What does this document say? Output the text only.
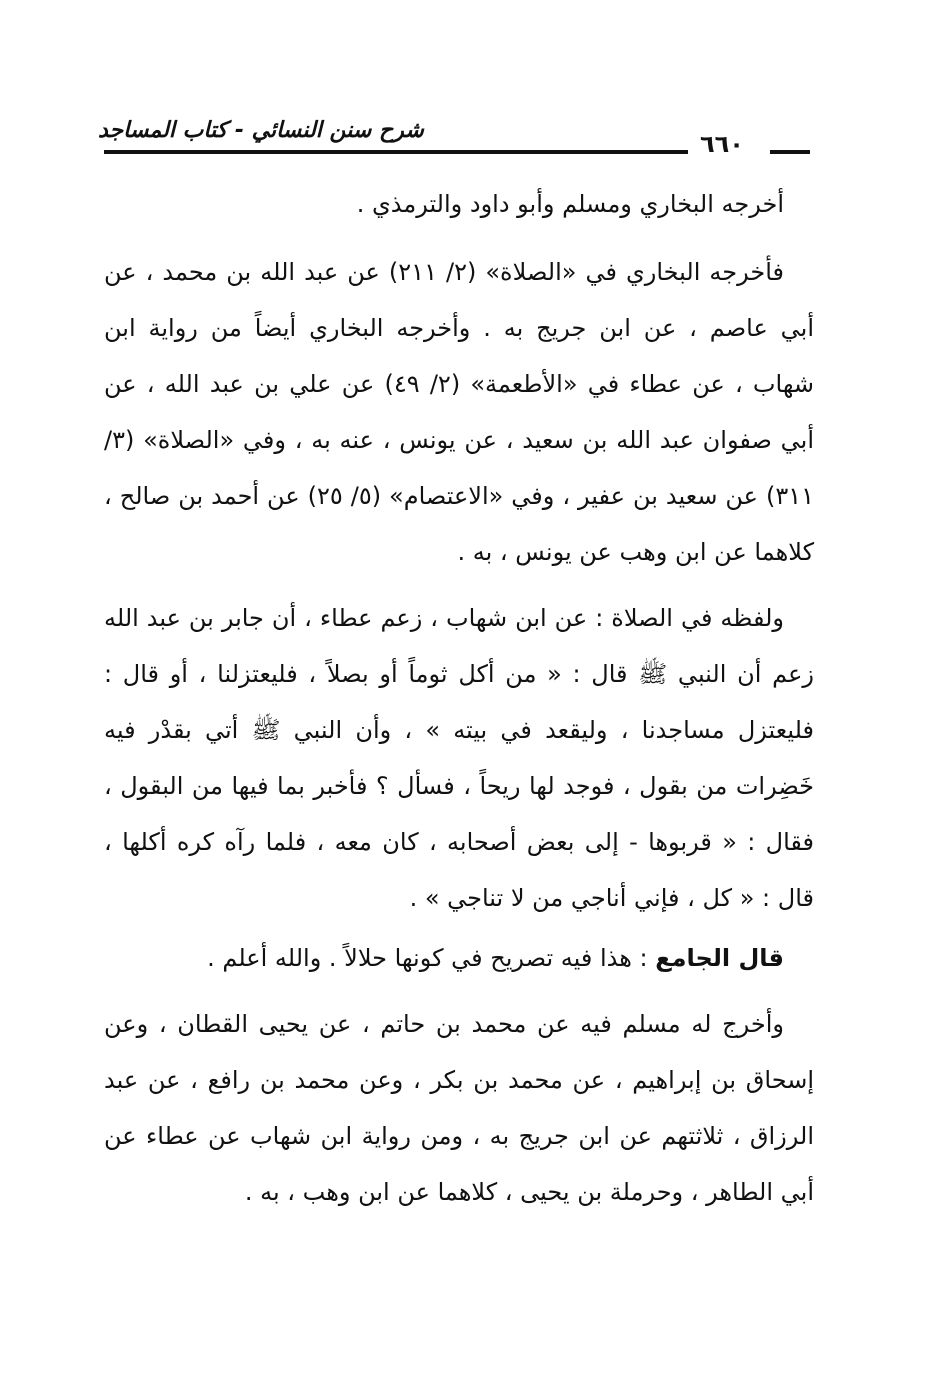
شرح سنن النسائي - كتاب المساجد	٦٦٠

أخرجه البخاري ومسلم وأبو داود والترمذي .

فأخرجه البخاري في «الصلاة» (٢/ ٢١١) عن عبد الله بن محمد ، عن أبي عاصم ، عن ابن جريج به . وأخرجه البخاري أيضاً من رواية ابن شهاب ، عن عطاء في «الأطعمة» (٢/ ٤٩) عن علي بن عبد الله ، عن أبي صفوان عبد الله بن سعيد ، عن يونس ، عنه به ، وفي «الصلاة» (٣/ ٣١١) عن سعيد بن عفير ، وفي «الاعتصام» (٥/ ٢٥) عن أحمد بن صالح ، كلاهما عن ابن وهب عن يونس ، به .

ولفظه في الصلاة : عن ابن شهاب ، زعم عطاء ، أن جابر بن عبد الله زعم أن النبي ﷺ قال : « من أكل ثوماً أو بصلاً ، فليعتزلنا ، أو قال : فليعتزل مساجدنا ، وليقعد في بيته » ، وأن النبي ﷺ أتي بقدْر فيه خَضِرات من بقول ، فوجد لها ريحاً ، فسأل ؟ فأخبر بما فيها من البقول ، فقال : « قربوها - إلى بعض أصحابه ، كان معه ، فلما رآه كره أكلها ، قال : « كل ، فإني أناجي من لا تناجي » .

قال الجامع : هذا فيه تصريح في كونها حلالاً . والله أعلم .

وأخرج له مسلم فيه عن محمد بن حاتم ، عن يحيى القطان ، وعن إسحاق بن إبراهيم ، عن محمد بن بكر ، وعن محمد بن رافع ، عن عبد الرزاق ، ثلاثتهم عن ابن جريج به ، ومن رواية ابن شهاب عن عطاء عن أبي الطاهر ، وحرملة بن يحيى ، كلاهما عن ابن وهب ، به .
